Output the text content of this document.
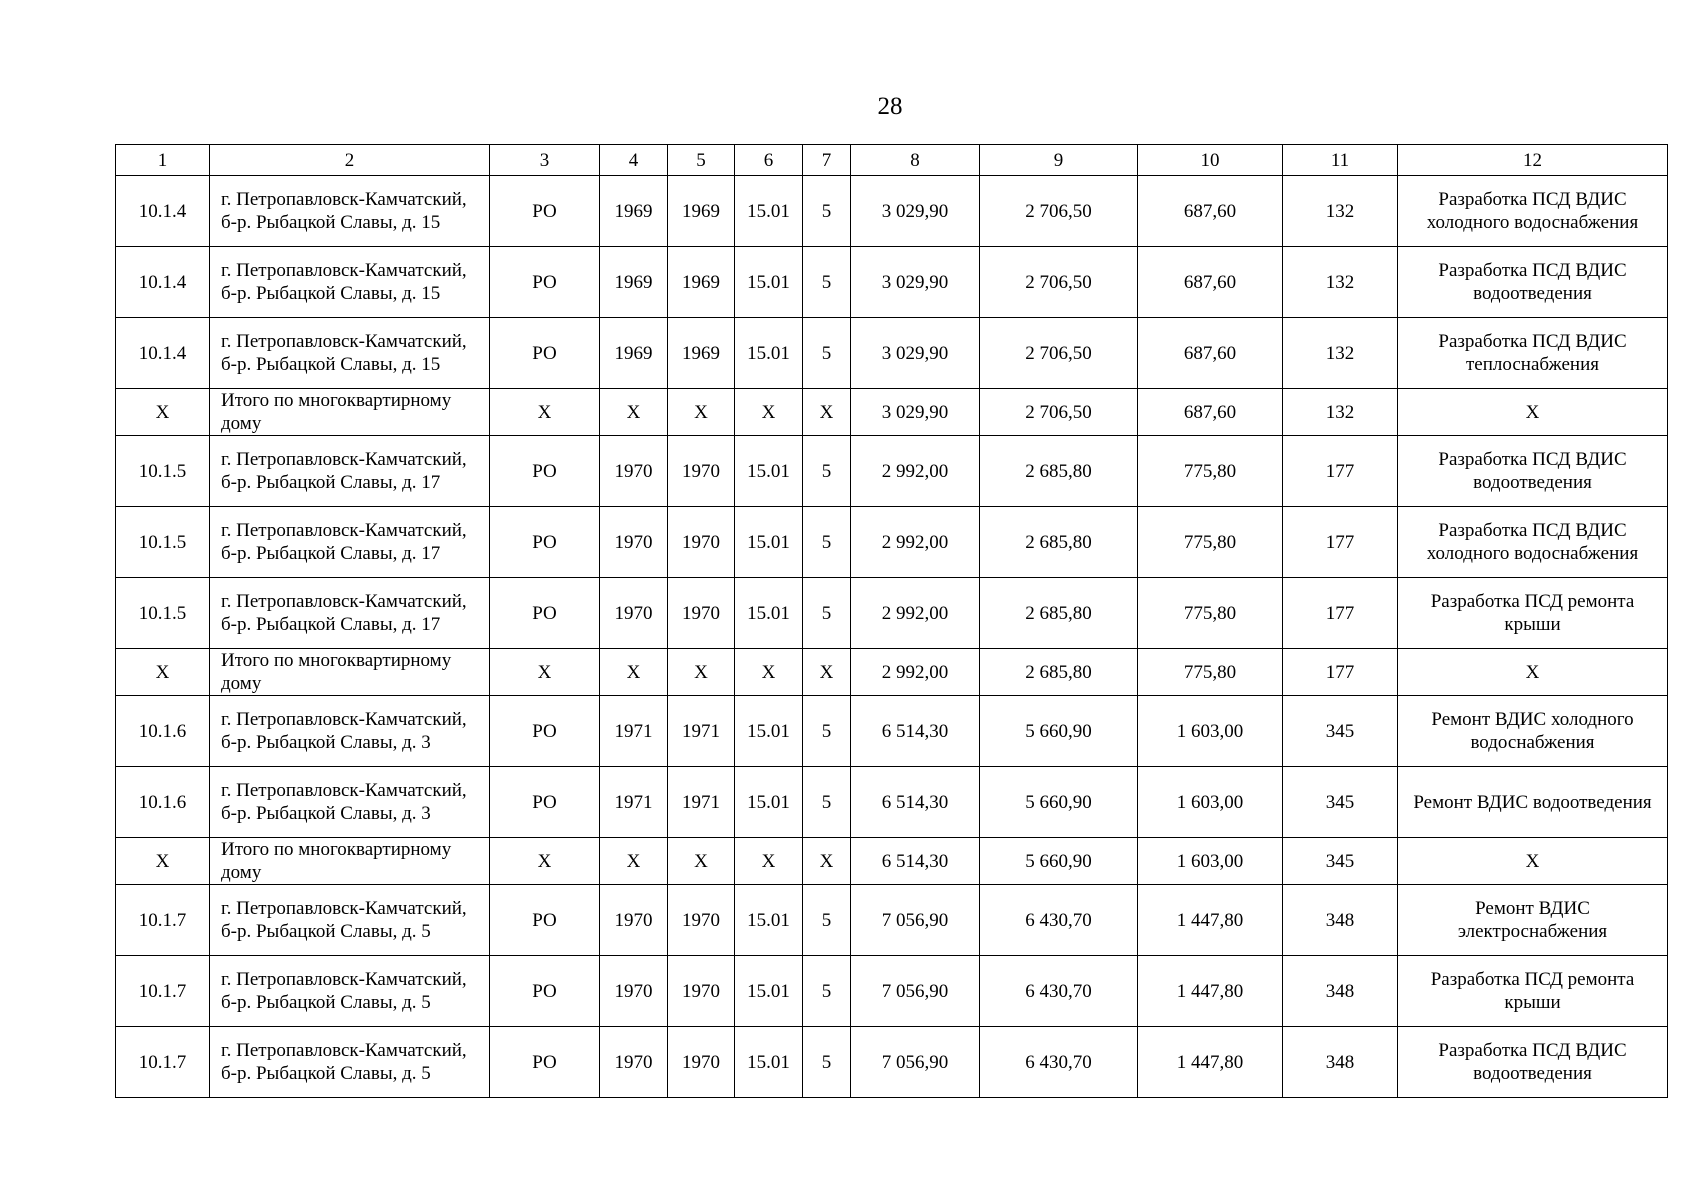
28
1	2	3	4	5	6	7	8	9	10	11	12
10.1.4	г. Петропавловск-Камчатский, б-р. Рыбацкой Славы, д. 15	РО	1969	1969	15.01	5	3 029,90	2 706,50	687,60	132	Разработка ПСД ВДИС холодного водоснабжения
10.1.4	г. Петропавловск-Камчатский, б-р. Рыбацкой Славы, д. 15	РО	1969	1969	15.01	5	3 029,90	2 706,50	687,60	132	Разработка ПСД ВДИС водоотведения
10.1.4	г. Петропавловск-Камчатский, б-р. Рыбацкой Славы, д. 15	РО	1969	1969	15.01	5	3 029,90	2 706,50	687,60	132	Разработка ПСД ВДИС теплоснабжения
Х	Итого по многоквартирному дому	Х	Х	Х	Х	Х	3 029,90	2 706,50	687,60	132	Х
10.1.5	г. Петропавловск-Камчатский, б-р. Рыбацкой Славы, д. 17	РО	1970	1970	15.01	5	2 992,00	2 685,80	775,80	177	Разработка ПСД ВДИС водоотведения
10.1.5	г. Петропавловск-Камчатский, б-р. Рыбацкой Славы, д. 17	РО	1970	1970	15.01	5	2 992,00	2 685,80	775,80	177	Разработка ПСД ВДИС холодного водоснабжения
10.1.5	г. Петропавловск-Камчатский, б-р. Рыбацкой Славы, д. 17	РО	1970	1970	15.01	5	2 992,00	2 685,80	775,80	177	Разработка ПСД ремонта крыши
Х	Итого по многоквартирному дому	Х	Х	Х	Х	Х	2 992,00	2 685,80	775,80	177	Х
10.1.6	г. Петропавловск-Камчатский, б-р. Рыбацкой Славы, д. 3	РО	1971	1971	15.01	5	6 514,30	5 660,90	1 603,00	345	Ремонт ВДИС холодного водоснабжения
10.1.6	г. Петропавловск-Камчатский, б-р. Рыбацкой Славы, д. 3	РО	1971	1971	15.01	5	6 514,30	5 660,90	1 603,00	345	Ремонт ВДИС водоотведения
Х	Итого по многоквартирному дому	Х	Х	Х	Х	Х	6 514,30	5 660,90	1 603,00	345	Х
10.1.7	г. Петропавловск-Камчатский, б-р. Рыбацкой Славы, д. 5	РО	1970	1970	15.01	5	7 056,90	6 430,70	1 447,80	348	Ремонт ВДИС электроснабжения
10.1.7	г. Петропавловск-Камчатский, б-р. Рыбацкой Славы, д. 5	РО	1970	1970	15.01	5	7 056,90	6 430,70	1 447,80	348	Разработка ПСД ремонта крыши
10.1.7	г. Петропавловск-Камчатский, б-р. Рыбацкой Славы, д. 5	РО	1970	1970	15.01	5	7 056,90	6 430,70	1 447,80	348	Разработка ПСД ВДИС водоотведения
